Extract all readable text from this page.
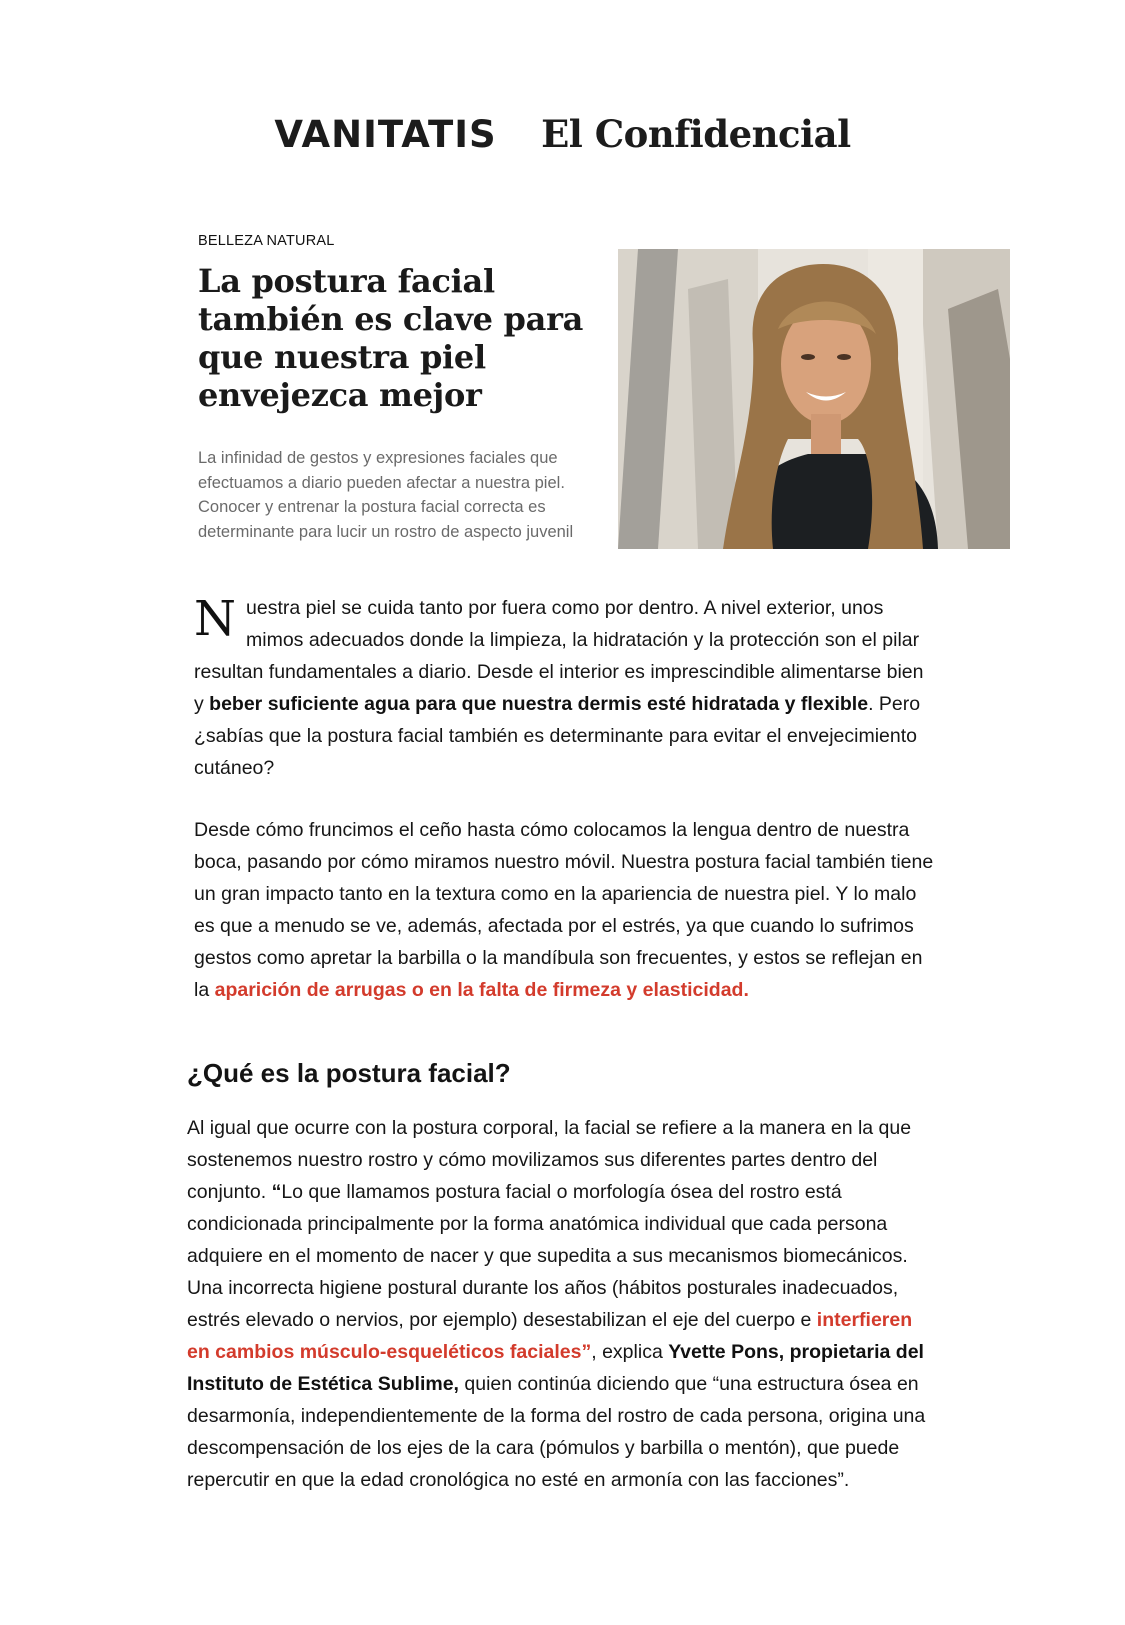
VANITATIS El Confidencial
BELLEZA NATURAL
La postura facial también es clave para que nuestra piel envejezca mejor

La infinidad de gestos y expresiones faciales que efectuamos a diario pueden afectar a nuestra piel. Conocer y entrenar la postura facial correcta es determinante para lucir un rostro de aspecto juvenil

Nuestra piel se cuida tanto por fuera como por dentro. A nivel exterior, unos mimos adecuados donde la limpieza, la hidratación y la protección son el pilar resultan fundamentales a diario. Desde el interior es imprescindible alimentarse bien y beber suficiente agua para que nuestra dermis esté hidratada y flexible. Pero ¿sabías que la postura facial también es determinante para evitar el envejecimiento cutáneo?
Desde cómo fruncimos el ceño hasta cómo colocamos la lengua dentro de nuestra boca, pasando por cómo miramos nuestro móvil. Nuestra postura facial también tiene un gran impacto tanto en la textura como en la apariencia de nuestra piel. Y lo malo es que a menudo se ve, además, afectada por el estrés, ya que cuando lo sufrimos gestos como apretar la barbilla o la mandíbula son frecuentes, y estos se reflejan en la aparición de arrugas o en la falta de firmeza y elasticidad.
¿Qué es la postura facial?
Al igual que ocurre con la postura corporal, la facial se refiere a la manera en la que sostenemos nuestro rostro y cómo movilizamos sus diferentes partes dentro del conjunto. “Lo que llamamos postura facial o morfología ósea del rostro está condicionada principalmente por la forma anatómica individual que cada persona adquiere en el momento de nacer y que supedita a sus mecanismos biomecánicos. Una incorrecta higiene postural durante los años (hábitos posturales inadecuados, estrés elevado o nervios, por ejemplo) desestabilizan el eje del cuerpo e interfieren en cambios músculo-esqueléticos faciales”, explica Yvette Pons, propietaria del Instituto de Estética Sublime, quien continúa diciendo que “una estructura ósea en desarmonía, independientemente de la forma del rostro de cada persona, origina una descompensación de los ejes de la cara (pómulos y barbilla o mentón), que puede repercutir en que la edad cronológica no esté en armonía con las facciones”.
